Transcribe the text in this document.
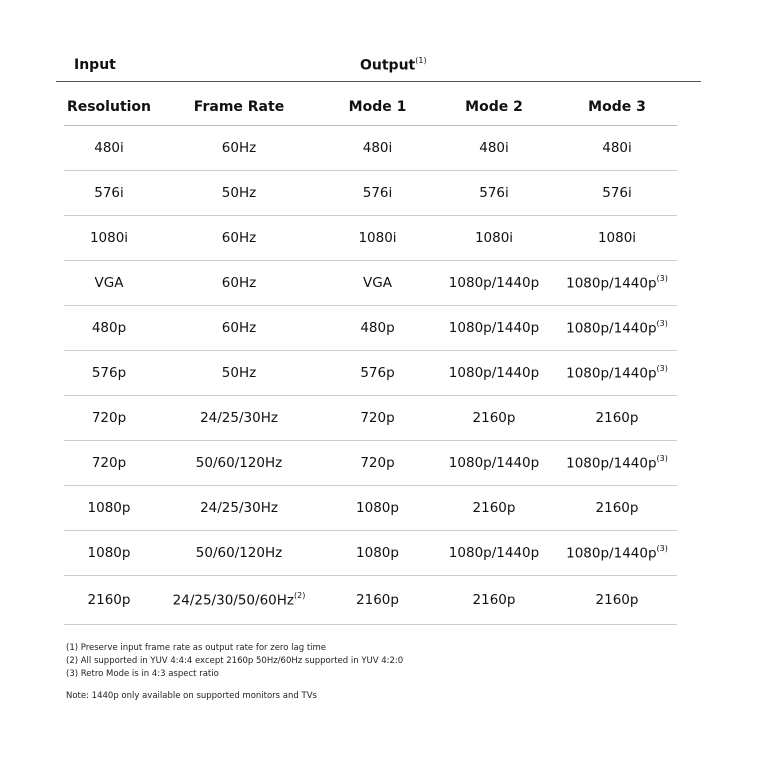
Input	Output$^{(1)}$
Resolution	Frame Rate	Mode 1	Mode 2	Mode 3
480i	60Hz	480i	480i	480i
576i	50Hz	576i	576i	576i
1080i	60Hz	1080i	1080i	1080i
VGA	60Hz	VGA	1080p/1440p	$1080p/1440p^{(3)}$
480p	60Hz	480p	1080p/1440p	$1080p/1440p^{(3)}$
576p	50Hz	576p	1080p/1440p	$1080p/1440p^{(3)}$
720p	24/25/30Hz	720p	2160p	2160p
720p	50/60/120Hz	720p	1080p/1440p	$1080p/1440p^{(3)}$
1080p	24/25/30Hz	1080p	2160p	2160p
1080p	50/60/120Hz	1080p	1080p/1440p	$1080p/1440p^{(3)}$
2160p	24/25/30/50/60Hz$^{(2)}$	2160p	2160p	2160p
(1) Preserve input frame rate as output rate for zero lag time
(2) All supported in YUV 4:4:4 except 2160p 50Hz/60Hz supported in YUV 4:2:0
(3) Retro Mode is in 4:3 aspect ratio
Note: 1440p only available on supported monitors and TVs
